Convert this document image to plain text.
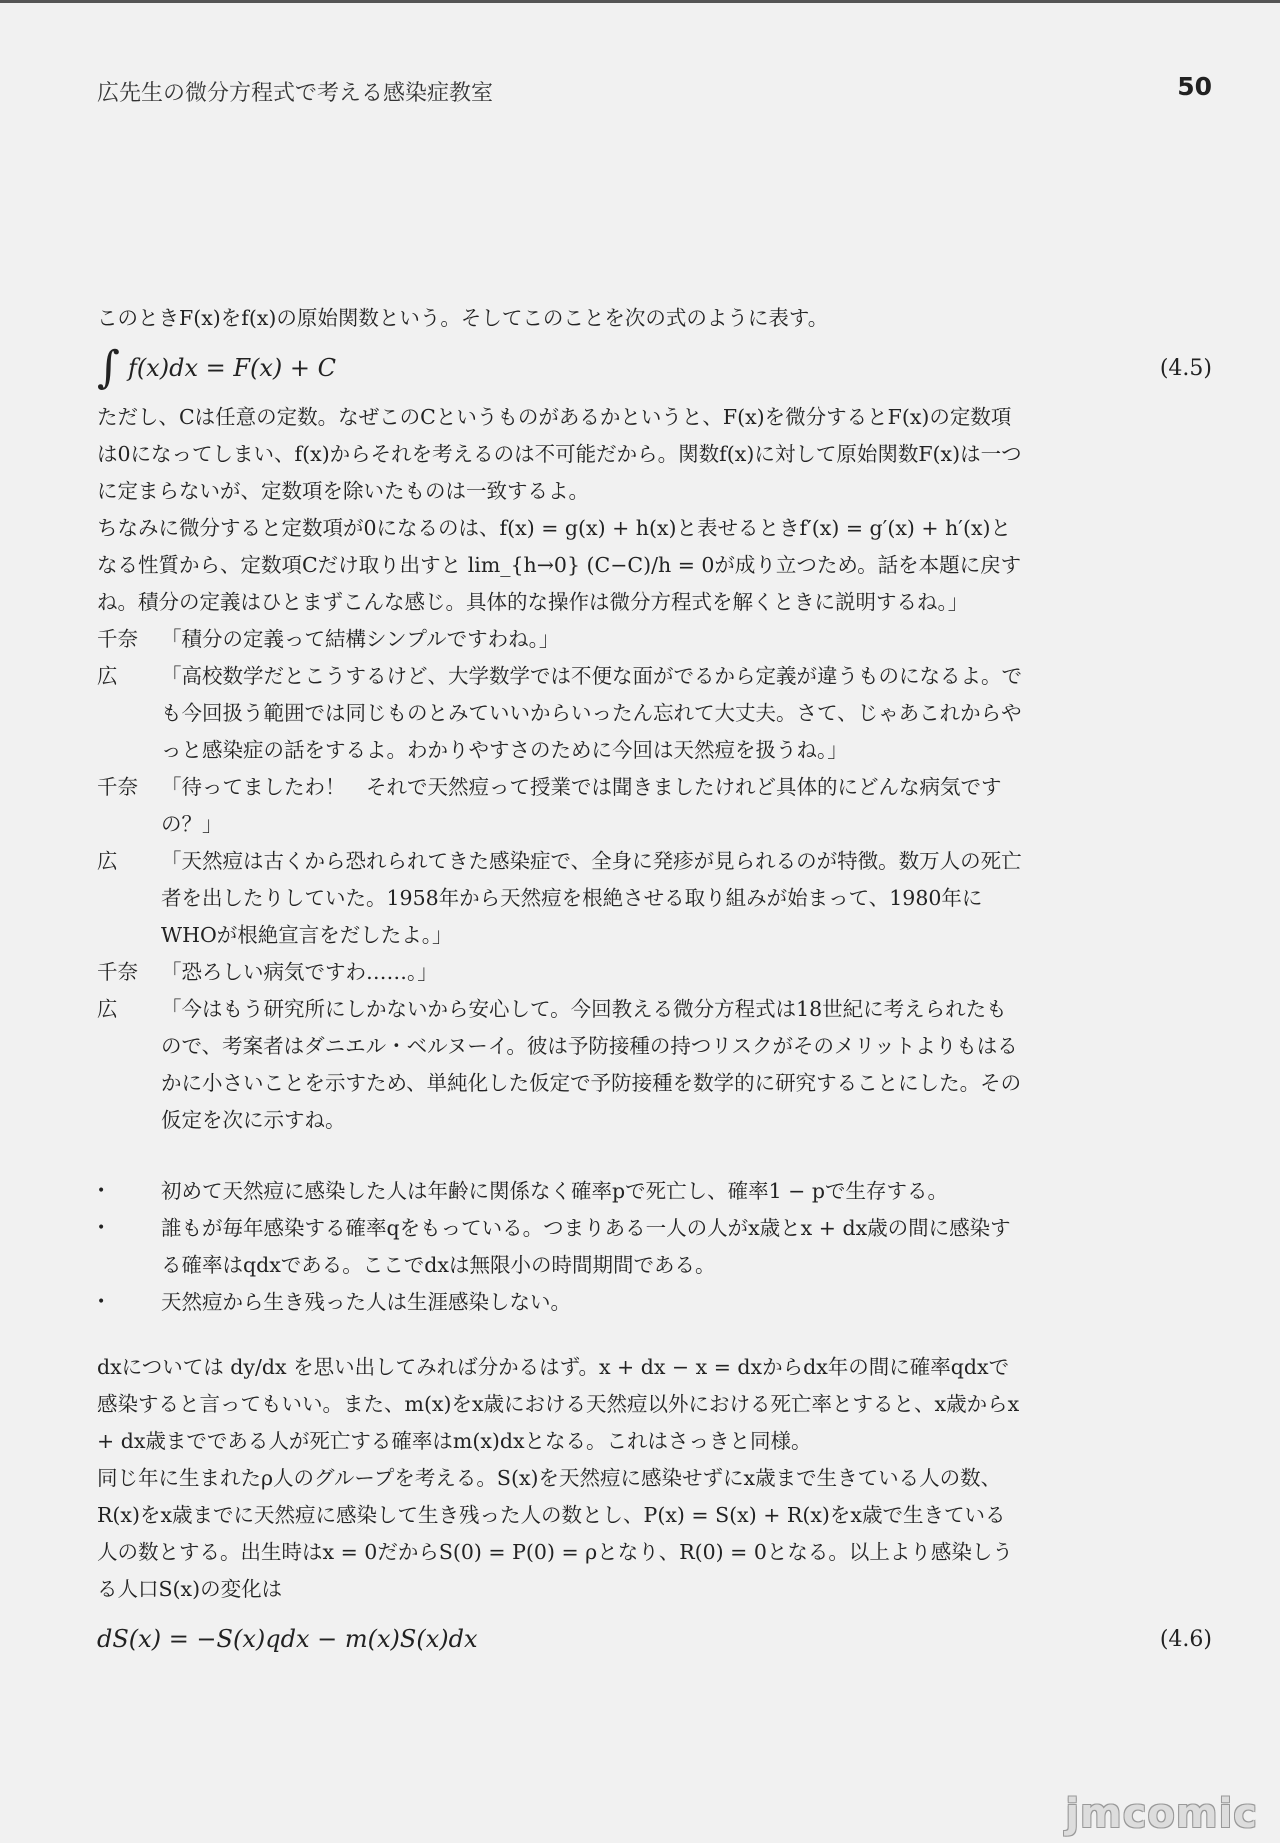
広先生の微分方程式で考える感染症教室	50

このときF(x)をf(x)の原始関数という。そしてこのことを次の式のように表す。

∫ f(x)dx = F(x) + C	(4.5)

ただし、Cは任意の定数。なぜこのCというものがあるかというと、F(x)を微分するとF(x)の定数項は0になってしまい、f(x)からそれを考えるのは不可能だから。関数f(x)に対して原始関数F(x)は一つに定まらないが、定数項を除いたものは一致するよ。

ちなみに微分すると定数項が0になるのは、f(x) = g(x) + h(x)と表せるときf′(x) = g′(x) + h′(x)となる性質から、定数項Cだけ取り出すと lim_{h→0} (C−C)/h = 0が成り立つため。話を本題に戻すね。積分の定義はひとまずこんな感じ。具体的な操作は微分方程式を解くときに説明するね。」

千奈	「積分の定義って結構シンプルですわね。」
広	「高校数学だとこうするけど、大学数学では不便な面がでるから定義が違うものになるよ。でも今回扱う範囲では同じものとみていいからいったん忘れて大丈夫。さて、じゃあこれからやっと感染症の話をするよ。わかりやすさのために今回は天然痘を扱うね。」
千奈	「待ってましたわ！　それで天然痘って授業では聞きましたけれど具体的にどんな病気ですの？」
広	「天然痘は古くから恐れられてきた感染症で、全身に発疹が見られるのが特徴。数万人の死亡者を出したりしていた。1958年から天然痘を根絶させる取り組みが始まって、1980年にWHOが根絶宣言をだしたよ。」
千奈	「恐ろしい病気ですわ……。」
広	「今はもう研究所にしかないから安心して。今回教える微分方程式は18世紀に考えられたもので、考案者はダニエル・ベルヌーイ。彼は予防接種の持つリスクがそのメリットよりもはるかに小さいことを示すため、単純化した仮定で予防接種を数学的に研究することにした。その仮定を次に示すね。
• 初めて天然痘に感染した人は年齢に関係なく確率pで死亡し、確率1 − pで生存する。
• 誰もが毎年感染する確率qをもっている。つまりある一人の人がx歳とx + dx歳の間に感染する確率はqdxである。ここでdxは無限小の時間期間である。
• 天然痘から生き残った人は生涯感染しない。

dxについては dy/dx を思い出してみれば分かるはず。x + dx − x = dxからdx年の間に確率qdxで感染すると言ってもいい。また、m(x)をx歳における天然痘以外における死亡率とすると、x歳からx + dx歳までである人が死亡する確率はm(x)dxとなる。これはさっきと同様。

同じ年に生まれたρ人のグループを考える。S(x)を天然痘に感染せずにx歳まで生きている人の数、R(x)をx歳までに天然痘に感染して生き残った人の数とし、P(x) = S(x) + R(x)をx歳で生きている人の数とする。出生時はx = 0だからS(0) = P(0) = ρとなり、R(0) = 0となる。以上より感染しうる人口S(x)の変化は

dS(x) = −S(x)qdx − m(x)S(x)dx	(4.6)
jmcomic
